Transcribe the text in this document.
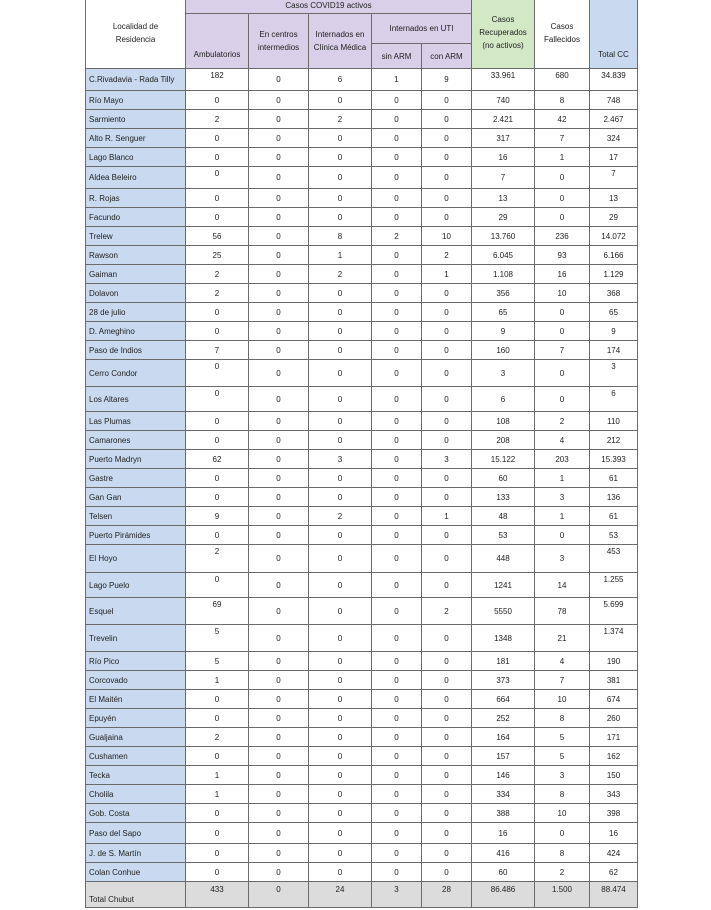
Localidad de Residencia	Casos COVID19 activos					Casos Recuperados (no activos)	Casos Fallecidos	Total CC
	Ambulatorios	En centros intermedios	Internados en Clínica Médica	Internados en UTI				
				sin ARM	con ARM			
C.Rivadavia - Rada Tilly	182	0	6	1	9	33.961	680	34.839
Río Mayo	0	0	0	0	0	740	8	748
Sarmiento	2	0	2	0	0	2.421	42	2.467
Alto R. Senguer	0	0	0	0	0	317	7	324
Lago Blanco	0	0	0	0	0	16	1	17
Aldea Beleiro	0	0	0	0	0	7	0	7
R. Rojas	0	0	0	0	0	13	0	13
Facundo	0	0	0	0	0	29	0	29
Trelew	56	0	8	2	10	13.760	236	14.072
Rawson	25	0	1	0	2	6.045	93	6.166
Gaiman	2	0	2	0	1	1.108	16	1.129
Dolavon	2	0	0	0	0	356	10	368
28 de julio	0	0	0	0	0	65	0	65
D. Ameghino	0	0	0	0	0	9	0	9
Paso de Indios	7	0	0	0	0	160	7	174
Cerro Condor	0	0	0	0	0	3	0	3
Los Altares	0	0	0	0	0	6	0	6
Las Plumas	0	0	0	0	0	108	2	110
Camarones	0	0	0	0	0	208	4	212
Puerto Madryn	62	0	3	0	3	15.122	203	15.393
Gastre	0	0	0	0	0	60	1	61
Gan Gan	0	0	0	0	0	133	3	136
Telsen	9	0	2	0	1	48	1	61
Puerto Pirámides	0	0	0	0	0	53	0	53
El Hoyo	2	0	0	0	0	448	3	453
Lago Puelo	0	0	0	0	0	1241	14	1.255
Esquel	69	0	0	0	2	5550	78	5.699
Trevelin	5	0	0	0	0	1348	21	1.374
Río Pico	5	0	0	0	0	181	4	190
Corcovado	1	0	0	0	0	373	7	381
El Maitén	0	0	0	0	0	664	10	674
Epuyén	0	0	0	0	0	252	8	260
Gualjaina	2	0	0	0	0	164	5	171
Cushamen	0	0	0	0	0	157	5	162
Tecka	1	0	0	0	0	146	3	150
Cholila	1	0	0	0	0	334	8	343
Gob. Costa	0	0	0	0	0	388	10	398
Paso del Sapo	0	0	0	0	0	16	0	16
J. de S. Martín	0	0	0	0	0	416	8	424
Colan Conhue	0	0	0	0	0	60	2	62
Total Chubut	433	0	24	3	28	86.486	1.500	88.474
